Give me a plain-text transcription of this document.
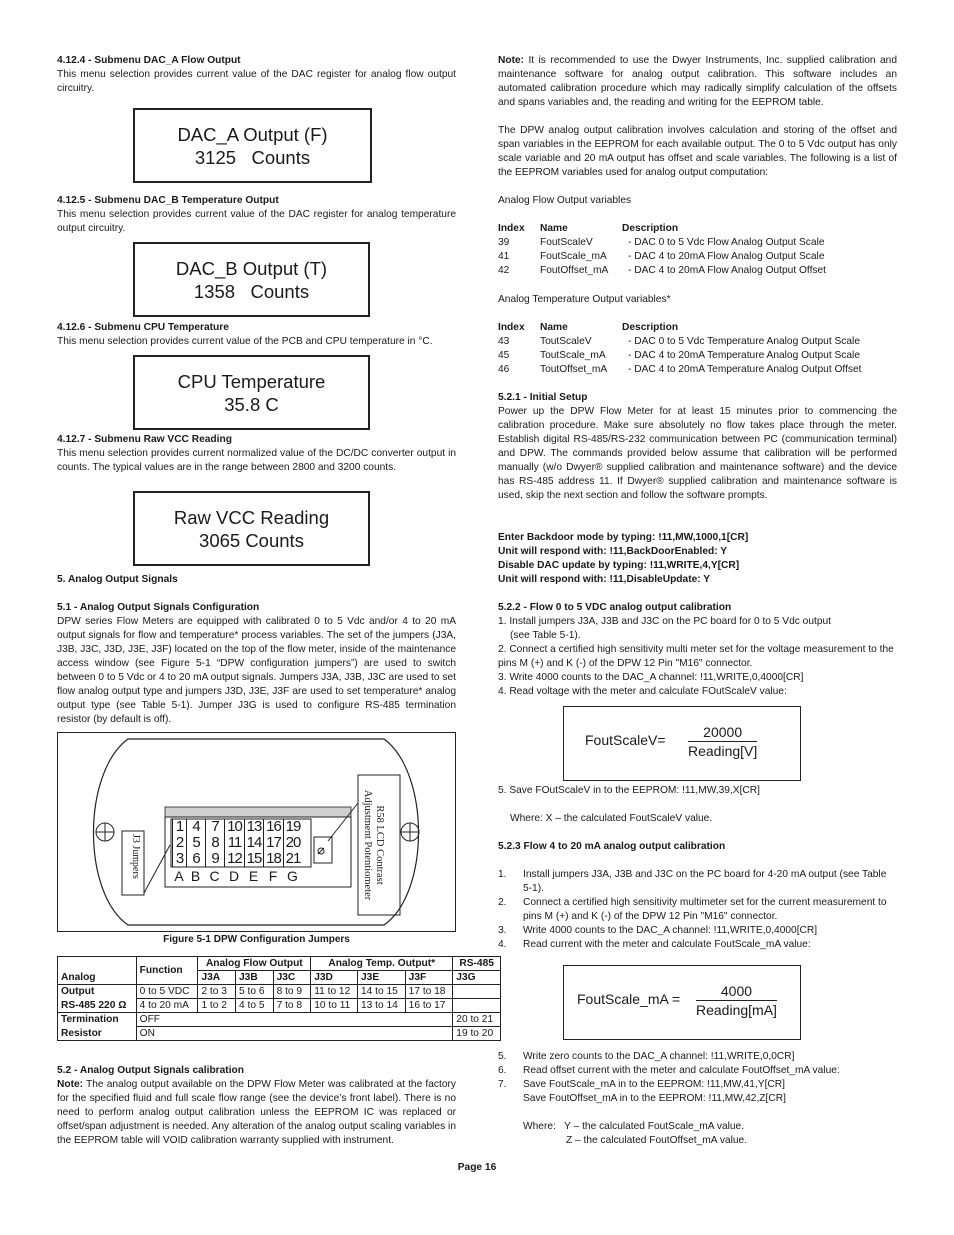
4.12.4 - Submenu DAC_A Flow Output

This menu selection provides current value of the DAC register for analog flow output circuitry.

DAC_A Output (F)
3125   Counts
4.12.5 - Submenu DAC_B Temperature Output

This menu selection provides current value of the DAC register for analog temperature output circuitry.

DAC_B Output (T)
1358   Counts
4.12.6 - Submenu CPU Temperature

This menu selection provides current value of the PCB and CPU temperature in °C.

CPU Temperature
35.8 C
4.12.7 - Submenu Raw VCC Reading

This menu selection provides current normalized value of the DC/DC converter output in counts. The typical values are in the range between 2800 and 3200 counts.

Raw VCC Reading
3065 Counts
5. Analog Output Signals
5.1 - Analog Output Signals Configuration

DPW series Flow Meters are equipped with calibrated 0 to 5 Vdc and/or 4 to 20 mA output signals for flow and temperature* process variables. The set of the jumpers (J3A, J3B, J3C, J3D, J3E, J3F) located on the top of the flow meter, inside of the maintenance access window (see Figure 5-1 “DPW configuration jumpers”) are used to switch between 0 to 5 Vdc or 4 to 20 mA output signals. Jumpers J3A, J3B, J3C are used to set flow analog output type and jumpers J3D, J3E, J3F are used to set temperature* analog output type (see Table 5-1). Jumper J3G is used to configure RS-485 termination resistor (by default is off).

1 4 7 10 13 16 19
2 5 8 11 14 17 20
3 6 9 12 15 18 21
A B C D E F G
J3 Jumpers	R58 LCD Contrast
Adjustment Potentiometer
Figure 5-1 DPW Configuration Jumpers
Analog	Function	Analog Flow Output			Analog Temp. Output*			RS-485
		J3A	J3B	J3C	J3D	J3E	J3F	J3G
Output	0 to 5 VDC	2 to 3	5 to 6	8 to 9	11 to 12	14 to 15	17 to 18	
RS-485 220 Ω	4 to 20 mA	1 to 2	4 to 5	7 to 8	10 to 11	13 to 14	16 to 17	
Termination	OFF							20 to 21
Resistor	ON							19 to 20
5.2 - Analog Output Signals calibration

Note: The analog output available on the DPW Flow Meter was calibrated at the factory for the specified fluid and full scale flow range (see the device’s front label). There is no need to perform analog output calibration unless the EEPROM IC was replaced or offset/span adjustment is needed. Any alteration of the analog output scaling variables in the EEPROM table will VOID calibration warranty supplied with instrument.

Note: It is recommended to use the Dwyer Instruments, Inc. supplied calibration and maintenance software for analog output calibration. This software includes an automated calibration procedure which may radically simplify calculation of the offsets and spans variables and, the reading and writing for the EEPROM table.

The DPW analog output calibration involves calculation and storing of the offset and span variables in the EEPROM for each available output. The 0 to 5 Vdc output has only scale variable and 20 mA output has offset and scale variables. The following is a list of the EEPROM variables used for analog output computation:

Analog Flow Output variables
Index	Name	Description
39	FoutScaleV	- DAC 0 to 5 Vdc Flow Analog Output Scale
41	FoutScale_mA	- DAC 4 to 20mA Flow Analog Output Scale
42	FoutOffset_mA	- DAC 4 to 20mA Flow Analog Output Offset
Analog Temperature Output variables*
Index	Name	Description
43	ToutScaleV	- DAC 0 to 5 Vdc Temperature Analog Output Scale
45	ToutScale_mA	- DAC 4 to 20mA Temperature Analog Output Scale
46	ToutOffset_mA	- DAC 4 to 20mA Temperature Analog Output Offset
5.2.1 - Initial Setup

Power up the DPW Flow Meter for at least 15 minutes prior to commencing the calibration procedure. Make sure absolutely no flow takes place through the meter. Establish digital RS-485/RS-232 communication between PC (communication terminal) and DPW. The commands provided below assume that calibration will be performed manually (w/o Dwyer® supplied calibration and maintenance software) and the device has RS-485 address 11. If Dwyer® supplied calibration and maintenance software is used, skip the next section and follow the software prompts.

Enter Backdoor mode by typing: !11,MW,1000,1[CR]
Unit will respond with: !11,BackDoorEnabled: Y
Disable DAC update by typing: !11,WRITE,4,Y[CR]
Unit will respond with: !11,DisableUpdate: Y
5.2.2 - Flow 0 to 5 VDC analog output calibration
1. Install jumpers J3A, J3B and J3C on the PC board for 0 to 5 Vdc output
(see Table 5-1).
2. Connect a certified high sensitivity multi meter set for the voltage measurement to the pins M (+) and K (-) of the DPW 12 Pin "M16" connector.
3. Write 4000 counts to the DAC_A channel: !11,WRITE,0,4000[CR]
4. Read voltage with the meter and calculate FOutScaleV value:
FoutScaleV=	20000
Reading[V]
5. Save FOutScaleV in to the EEPROM: !11,MW,39,X[CR]
Where: X – the calculated FoutScaleV value.
5.2.3 Flow 4 to 20 mA analog output calibration
1.	Install jumpers J3A, J3B and J3C on the PC board for 4-20 mA output (see Table 5-1).
2.	Connect a certified high sensitivity multimeter set for the current measurement to pins M (+) and K (-) of the DPW 12 Pin "M16" connector.
3.	Write 4000 counts to the DAC_A channel: !11,WRITE,0,4000[CR]
4.	Read current with the meter and calculate FoutScale_mA value:
FoutScale_mA =	4000
Reading[mA]
5.	Write zero counts to the DAC_A channel: !11,WRITE,0,0CR]
6.	Read offset current with the meter and calculate FoutOffset_mA value:
7.	Save FoutScale_mA in to the EEPROM: !11,MW,41,Y[CR]
Save FoutOffset_mA in to the EEPROM: !11,MW,42,Z[CR]
Where:   Y – the calculated FoutScale_mA value.
Z – the calculated FoutOffset_mA value.
Page 16
